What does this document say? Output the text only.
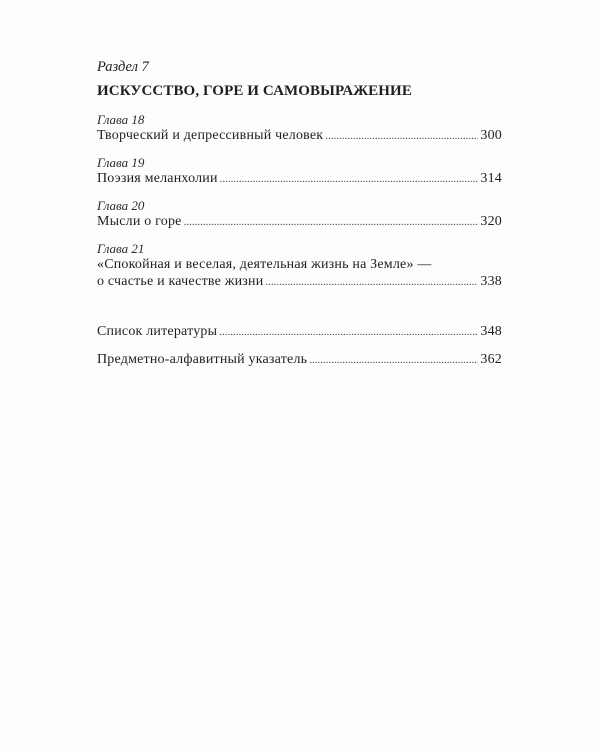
Раздел 7
ИСКУССТВО, ГОРЕ И САМОВЫРАЖЕНИЕ
Глава 18
Творческий и депрессивный человек .....	300
Глава 19
Поэзия меланхолии .....	314
Глава 20
Мысли о горе .....	320
Глава 21
«Спокойная и веселая, деятельная жизнь на Земле» —
о счастье и качестве жизни .....	338
Список литературы .....	348
Предметно-алфавитный указатель .....	362
